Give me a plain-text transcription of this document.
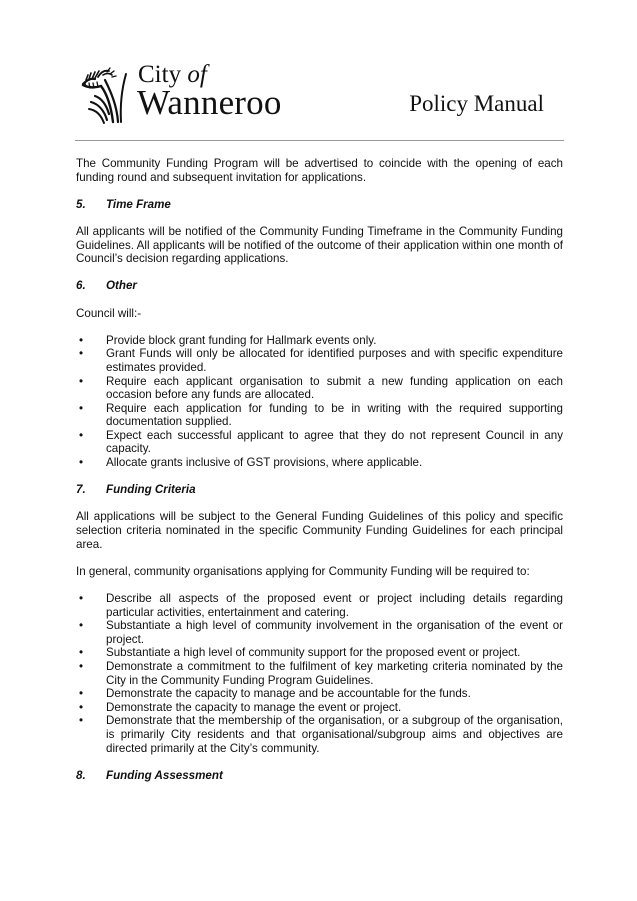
City of
Wanneroo	Policy Manual

The Community Funding Program will be advertised to coincide with the opening of each funding round and subsequent invitation for applications.

5.	Time Frame

All applicants will be notified of the Community Funding Timeframe in the Community Funding Guidelines. All applicants will be notified of the outcome of their application within one month of Council’s decision regarding applications.

6.	Other

Council will:-

• Provide block grant funding for Hallmark events only.
• Grant Funds will only be allocated for identified purposes and with specific expenditure estimates provided.
• Require each applicant organisation to submit a new funding application on each occasion before any funds are allocated.
• Require each application for funding to be in writing with the required supporting documentation supplied.
• Expect each successful applicant to agree that they do not represent Council in any capacity.
• Allocate grants inclusive of GST provisions, where applicable.
7.	Funding Criteria

All applications will be subject to the General Funding Guidelines of this policy and specific selection criteria nominated in the specific Community Funding Guidelines for each principal area.

In general, community organisations applying for Community Funding will be required to:

• Describe all aspects of the proposed event or project including details regarding particular activities, entertainment and catering.
• Substantiate a high level of community involvement in the organisation of the event or project.
• Substantiate a high level of community support for the proposed event or project.
• Demonstrate a commitment to the fulfilment of key marketing criteria nominated by the City in the Community Funding Program Guidelines.
• Demonstrate the capacity to manage and be accountable for the funds.
• Demonstrate the capacity to manage the event or project.
• Demonstrate that the membership of the organisation, or a subgroup of the organisation, is primarily City residents and that organisational/subgroup aims and objectives are directed primarily at the City’s community.
8.	Funding Assessment
